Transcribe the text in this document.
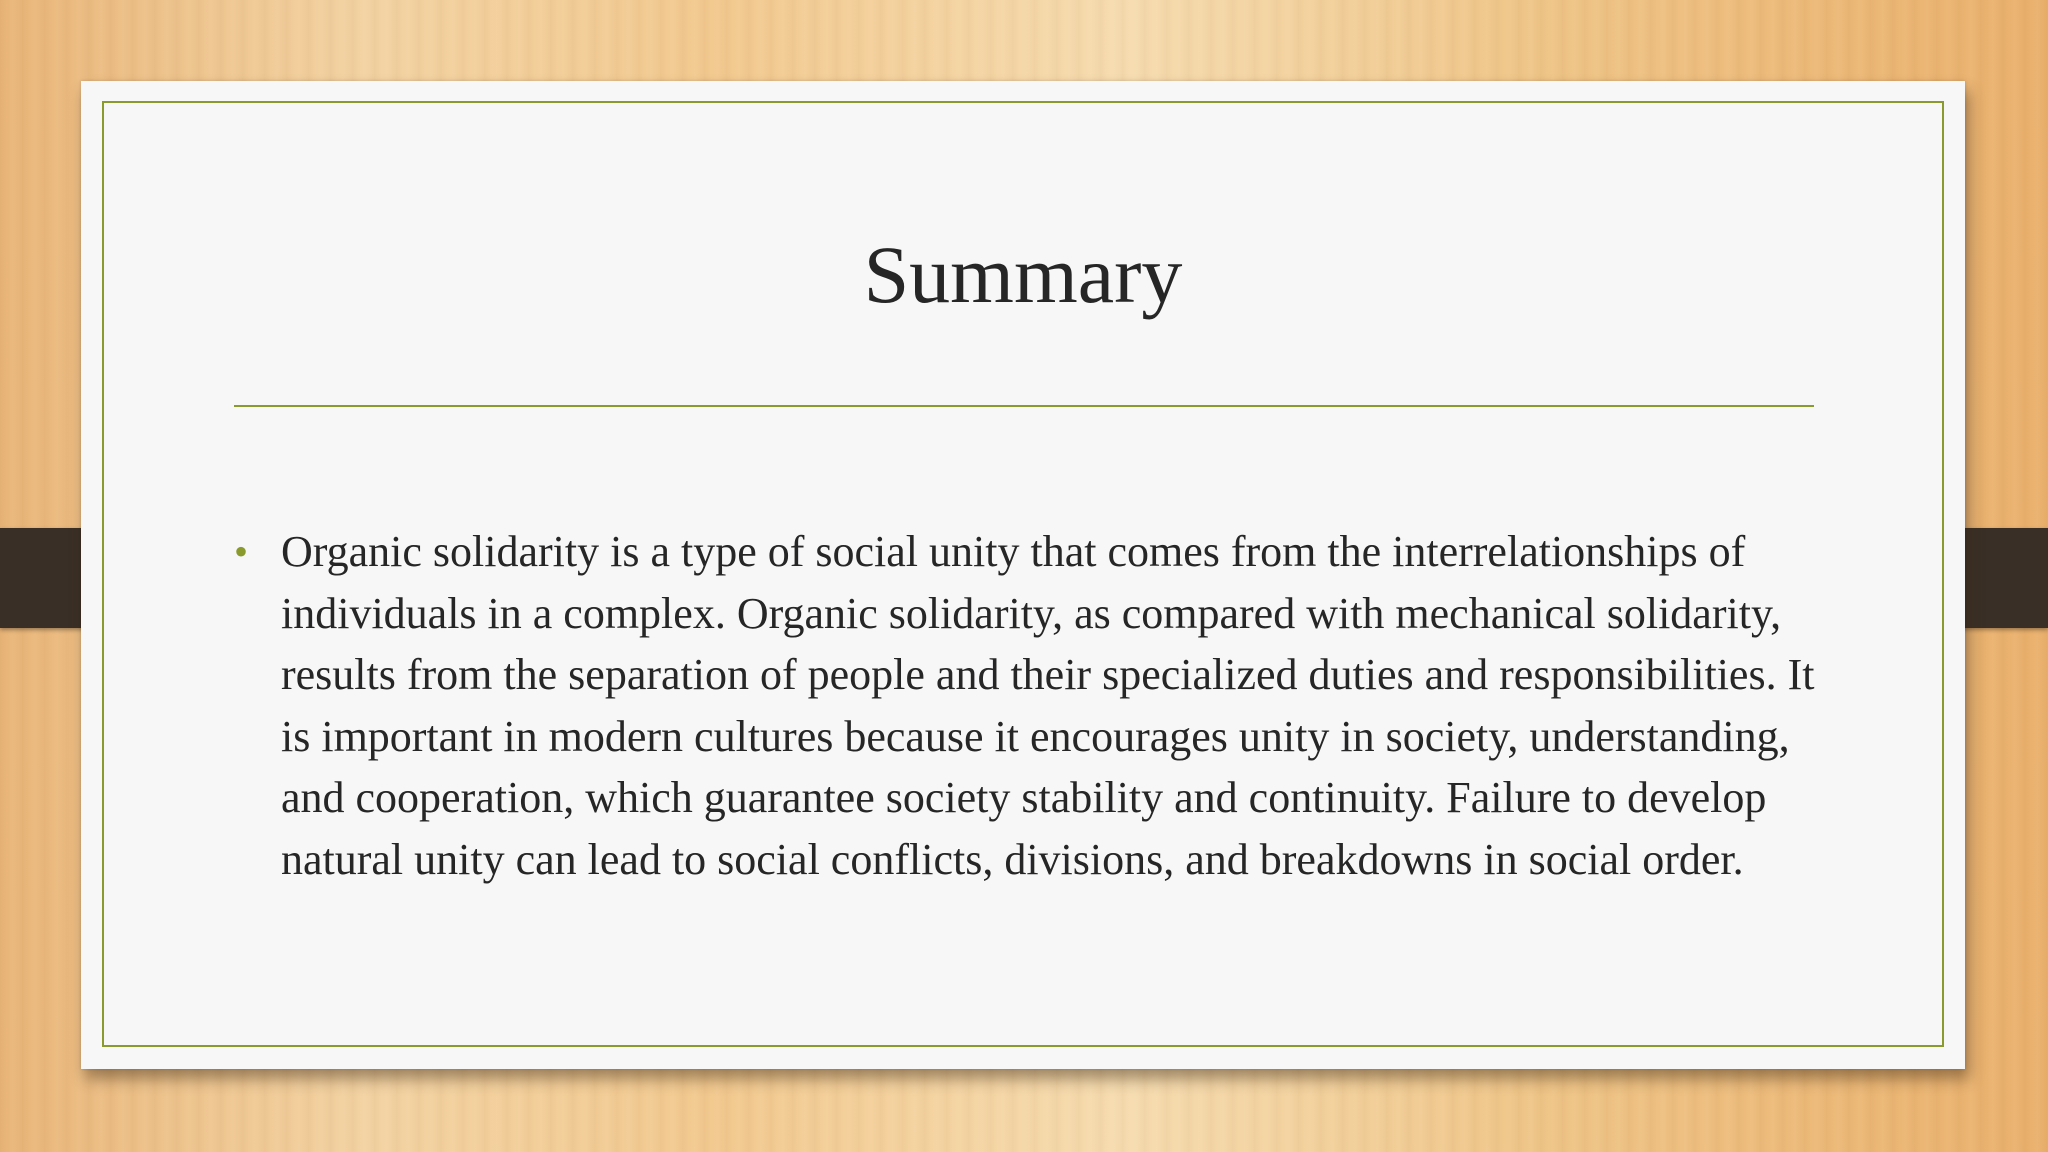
Summary
• Organic solidarity is a type of social unity that comes from the interrelationships of individuals in a complex. Organic solidarity, as compared with mechanical solidarity, results from the separation of people and their specialized duties and responsibilities. It is important in modern cultures because it encourages unity in society, understanding, and cooperation, which guarantee society stability and continuity. Failure to develop natural unity can lead to social conflicts, divisions, and breakdowns in social order.
